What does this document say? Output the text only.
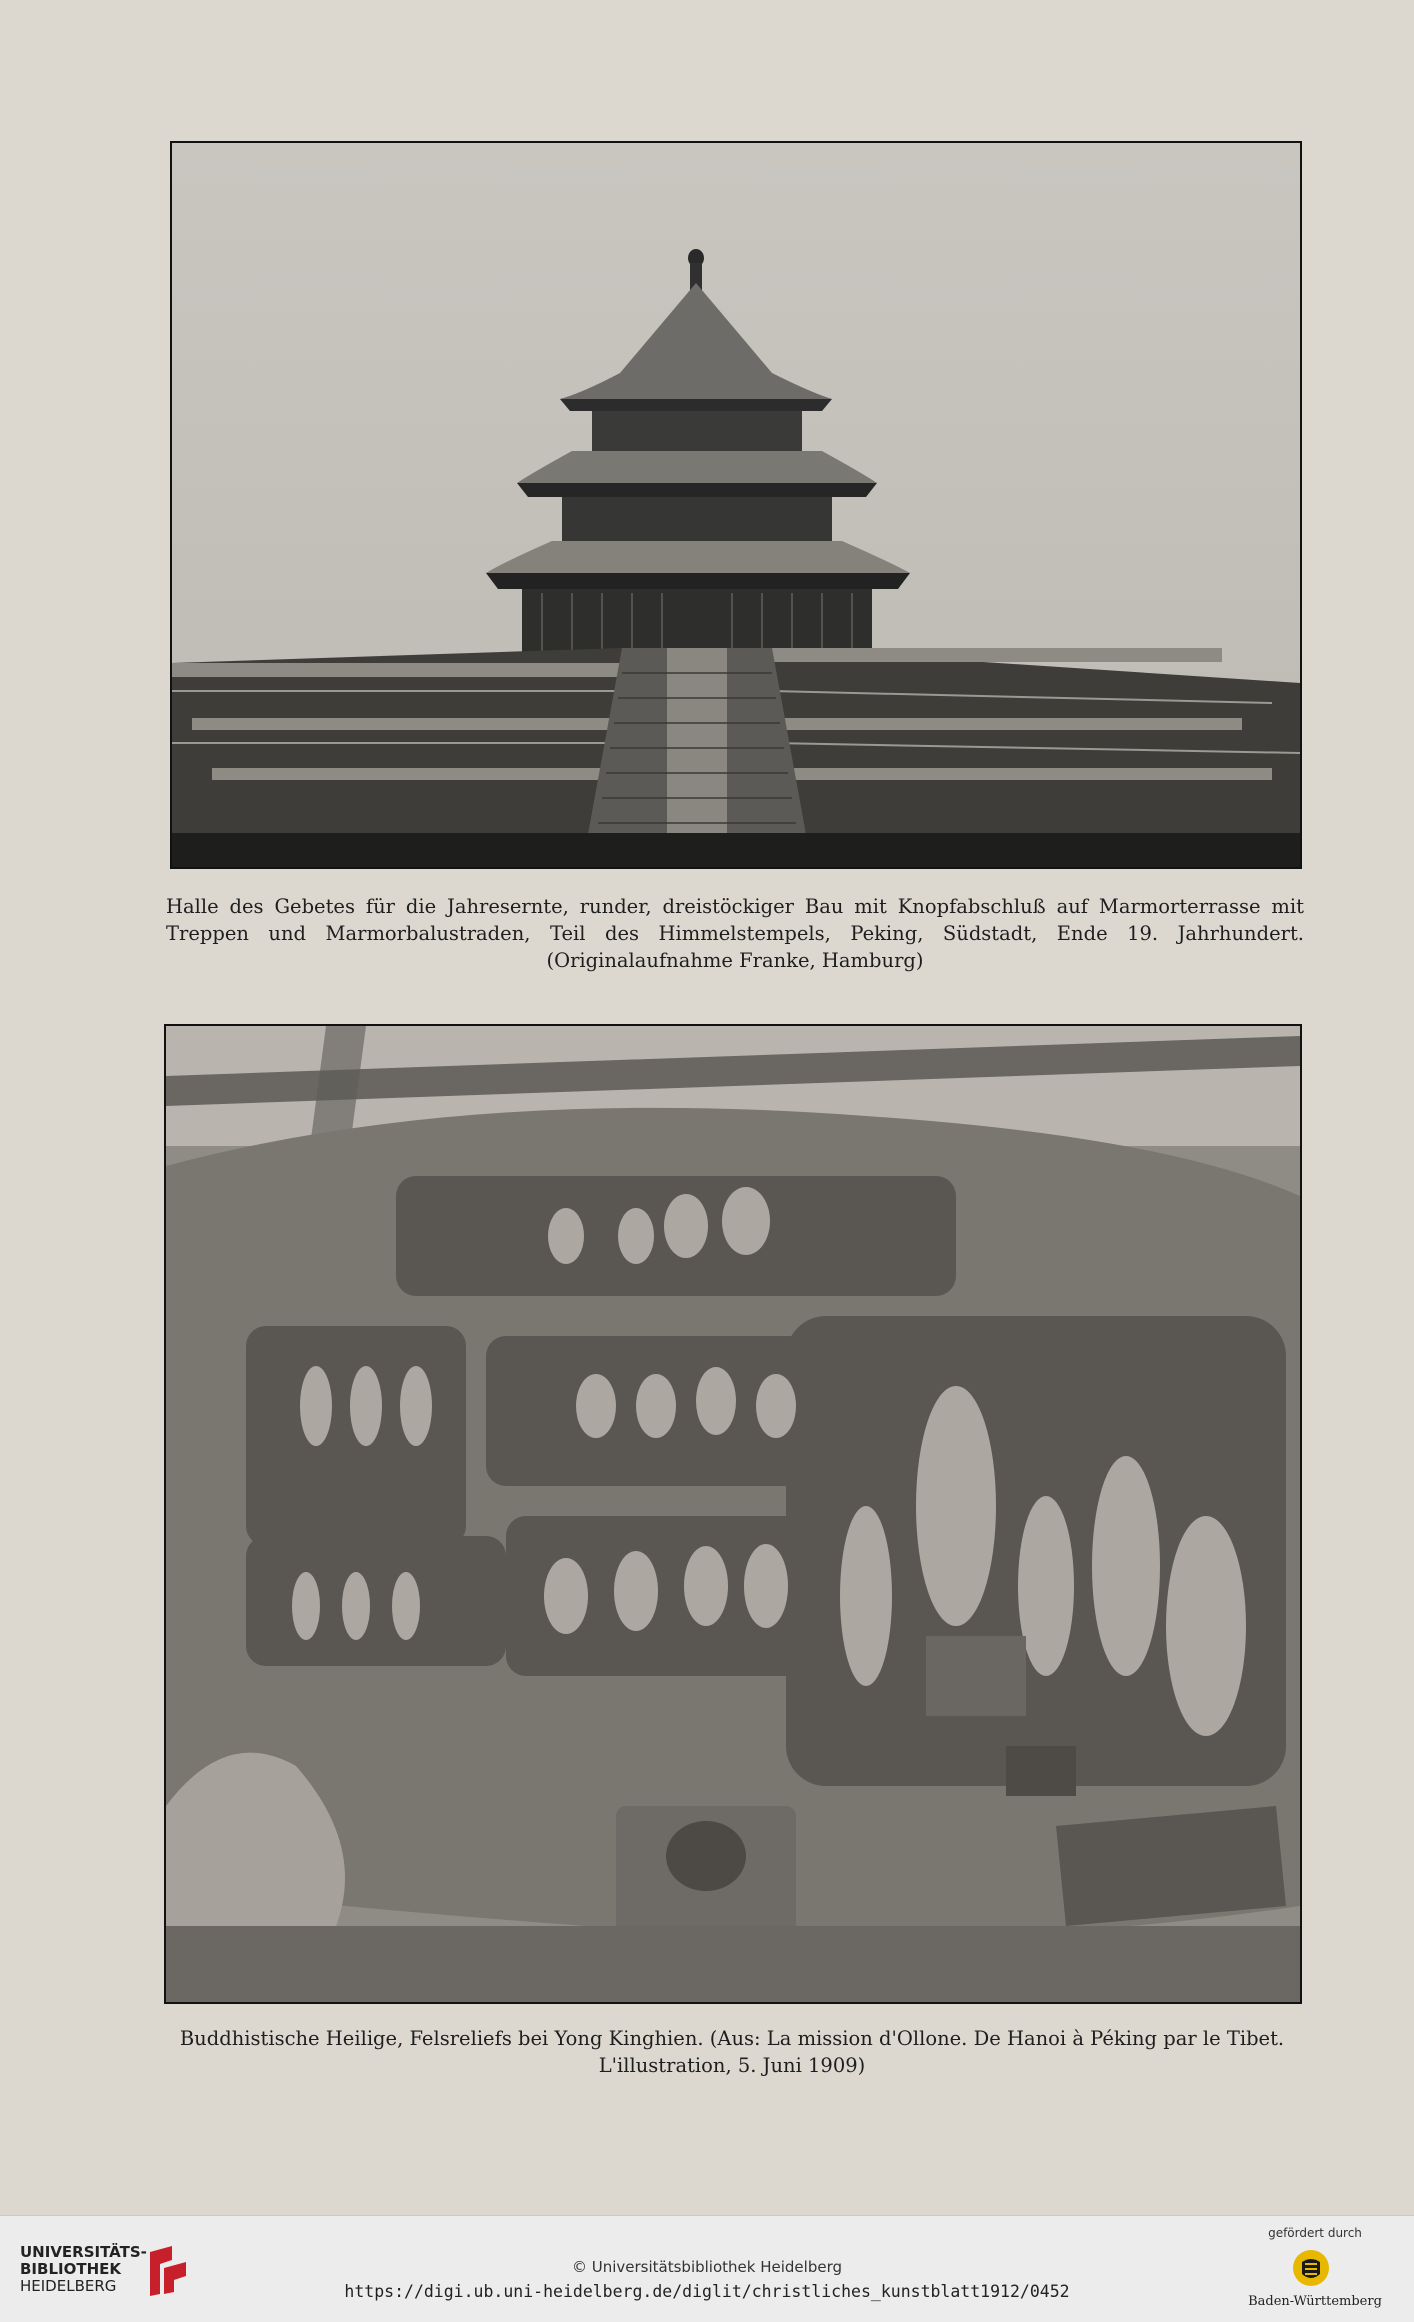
Halle des Gebetes für die Jahresernte, runder, dreistöckiger Bau mit Knopfabschluß auf Marmorterrasse mit Treppen und Marmorbalustraden, Teil des Himmelstempels, Peking, Südstadt, Ende 19. Jahrhundert. (Originalaufnahme Franke, Hamburg)
Buddhistische Heilige, Felsreliefs bei Yong Kinghien. (Aus: La mission d'Ollone. De Hanoi à Péking par le Tibet.
L'illustration, 5. Juni 1909)
UNIVERSITÄTS-
BIBLIOTHEK
HEIDELBERG
© Universitätsbibliothek Heidelberg
https://digi.ub.uni-heidelberg.de/diglit/christliches_kunstblatt1912/0452
gefördert durch
Baden-Württemberg
